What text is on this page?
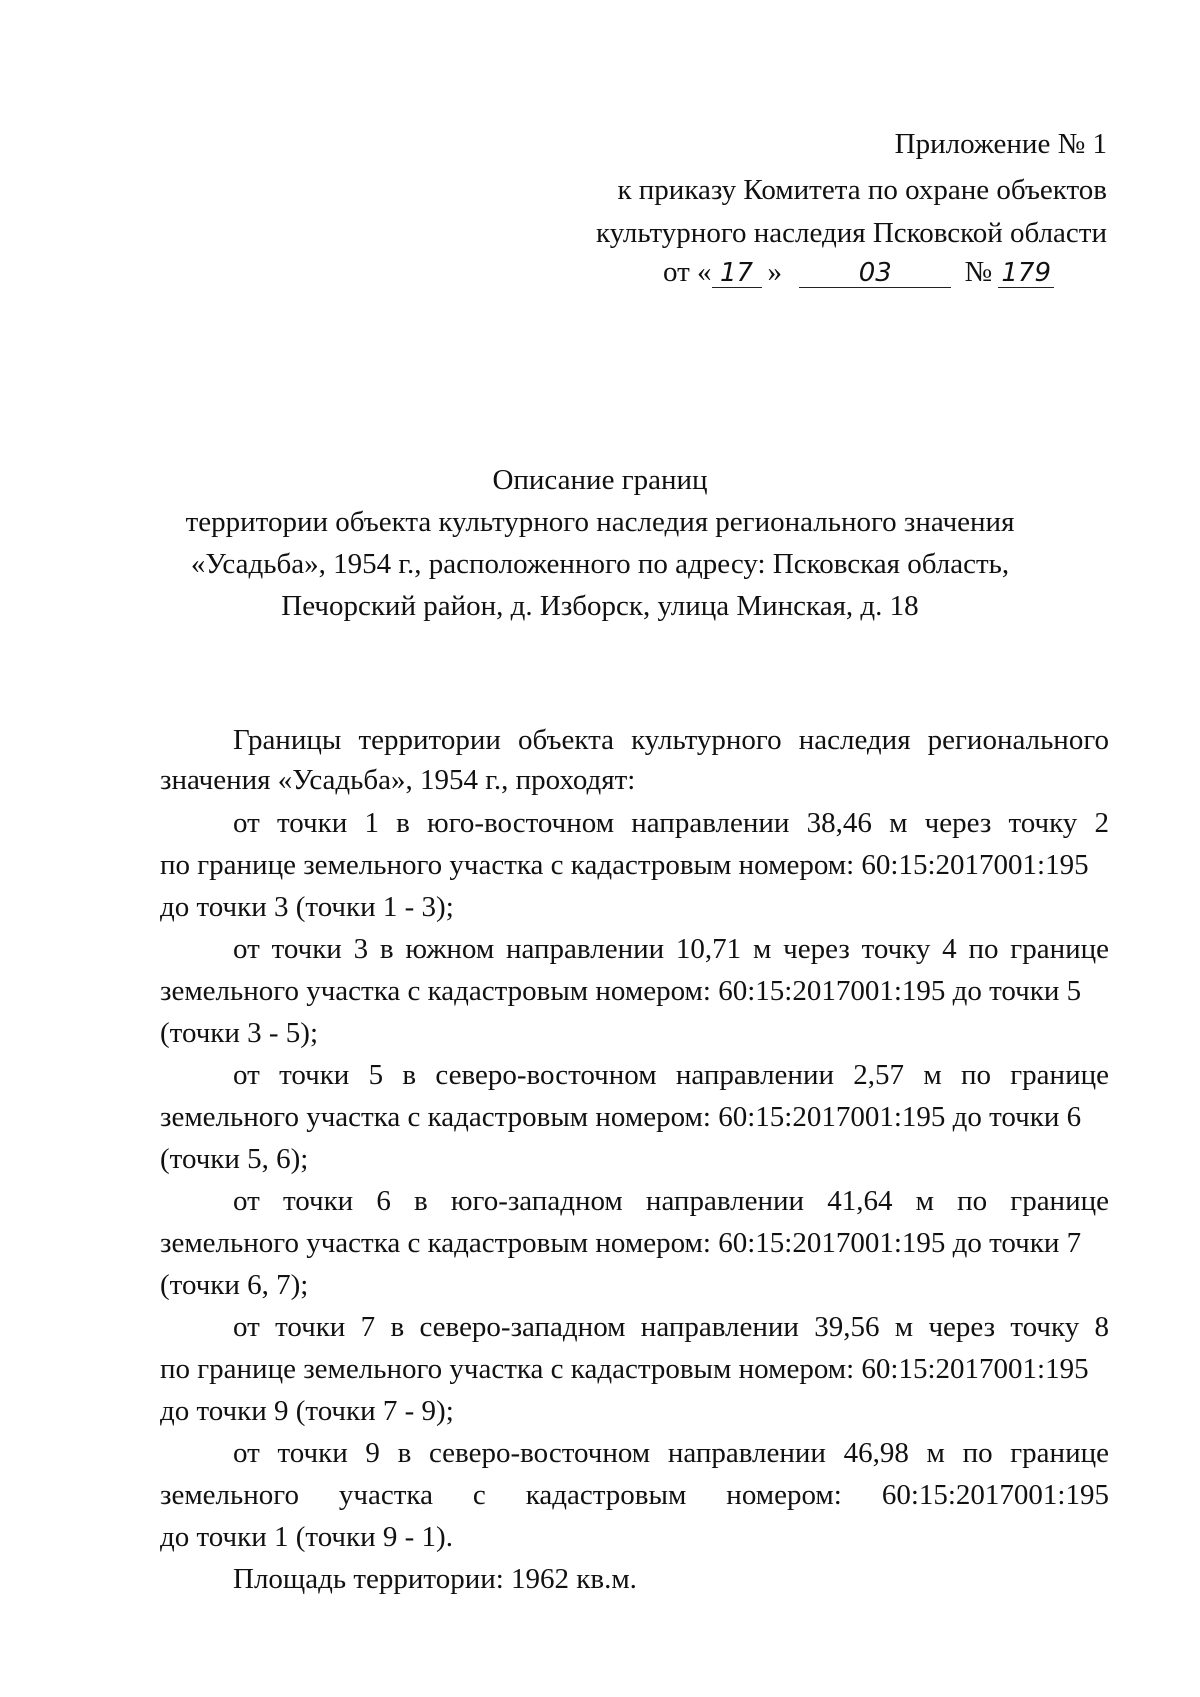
Приложение № 1
к приказу Комитета по охране объектов
культурного наследия Псковской области
от « 17 »	03	№ 179
Описание границ
территории объекта культурного наследия регионального значения
«Усадьба», 1954 г., расположенного по адресу: Псковская область,
Печорский район, д. Изборск, улица Минская, д. 18
Границы территории объекта культурного наследия регионального
значения «Усадьба», 1954 г., проходят:
от точки 1 в юго-восточном направлении 38,46 м через точку 2
по границе земельного участка с кадастровым номером: 60:15:2017001:195
до точки 3 (точки 1 - 3);
от точки 3 в южном направлении 10,71 м через точку 4 по границе
земельного участка с кадастровым номером: 60:15:2017001:195 до точки 5
(точки 3 - 5);
от точки 5 в северо-восточном направлении 2,57 м по границе
земельного участка с кадастровым номером: 60:15:2017001:195 до точки 6
(точки 5, 6);
от точки 6 в юго-западном направлении 41,64 м по границе
земельного участка с кадастровым номером: 60:15:2017001:195 до точки 7
(точки 6, 7);
от точки 7 в северо-западном направлении 39,56 м через точку 8
по границе земельного участка с кадастровым номером: 60:15:2017001:195
до точки 9 (точки 7 - 9);
от точки 9 в северо-восточном направлении 46,98 м по границе
земельного участка с кадастровым номером: 60:15:2017001:195
до точки 1 (точки 9 - 1).
Площадь территории: 1962 кв.м.
